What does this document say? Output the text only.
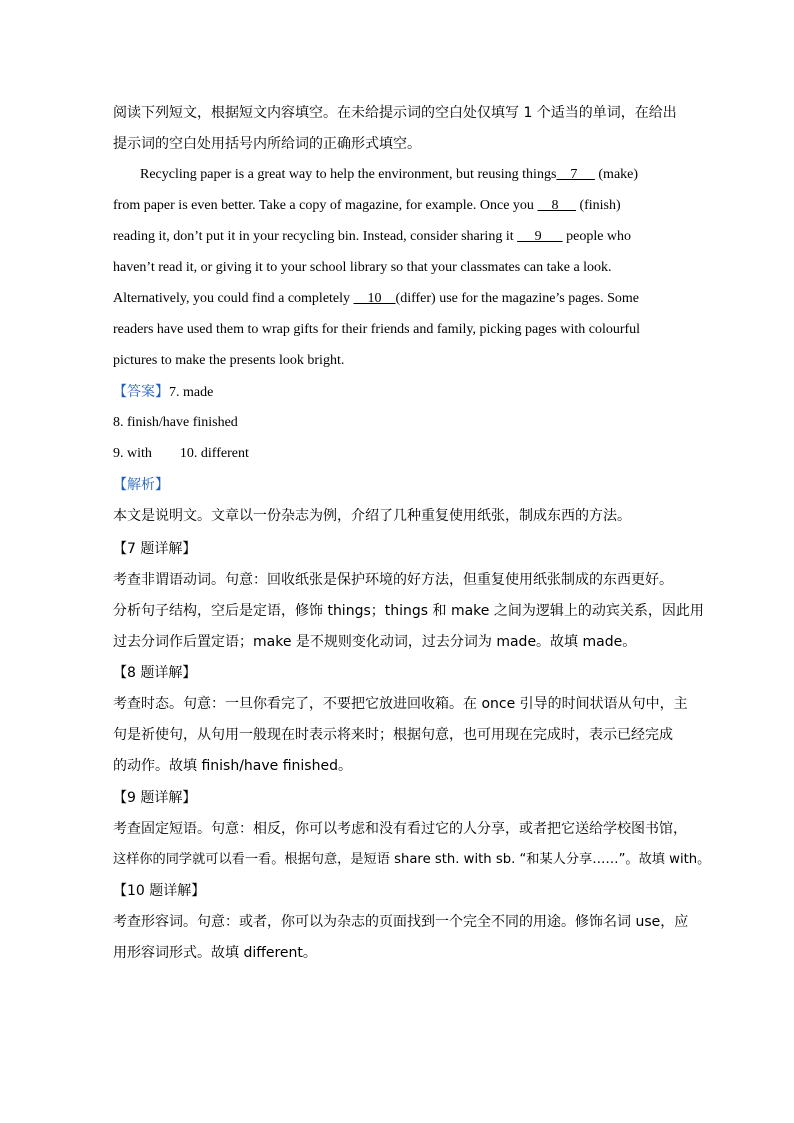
阅读下列短文，根据短文内容填空。在未给提示词的空白处仅填写 1 个适当的单词，在给出
提示词的空白处用括号内所给词的正确形式填空。
Recycling paper is a great way to help the environment, but reusing things    7      (make)
from paper is even better. Take a copy of magazine, for example. Once you     8      (finish)
reading it, don’t put it in your recycling bin. Instead, consider sharing it      9       people who
haven’t read it, or giving it to your school library so that your classmates can take a look.
Alternatively, you could find a completely     10    (differ) use for the magazine’s pages. Some
readers have used them to wrap gifts for their friends and family, picking pages with colourful
pictures to make the presents look bright.
【答案】7. made
8. finish/have finished
9. with 10. different
【解析】
本文是说明文。文章以一份杂志为例，介绍了几种重复使用纸张，制成东西的方法。
【7 题详解】
考查非谓语动词。句意：回收纸张是保护环境的好方法，但重复使用纸张制成的东西更好。
分析句子结构，空后是定语，修饰 things；things 和 make 之间为逻辑上的动宾关系，因此用
过去分词作后置定语；make 是不规则变化动词，过去分词为 made。故填 made。
【8 题详解】
考查时态。句意：一旦你看完了，不要把它放进回收箱。在 once 引导的时间状语从句中，主
句是祈使句，从句用一般现在时表示将来时；根据句意，也可用现在完成时，表示已经完成
的动作。故填 finish/have finished。
【9 题详解】
考查固定短语。句意：相反，你可以考虑和没有看过它的人分享，或者把它送给学校图书馆，
这样你的同学就可以看一看。根据句意，是短语 share sth. with sb. “和某人分享……”。故填 with。
【10 题详解】
考查形容词。句意：或者，你可以为杂志的页面找到一个完全不同的用途。修饰名词 use，应
用形容词形式。故填 different。
